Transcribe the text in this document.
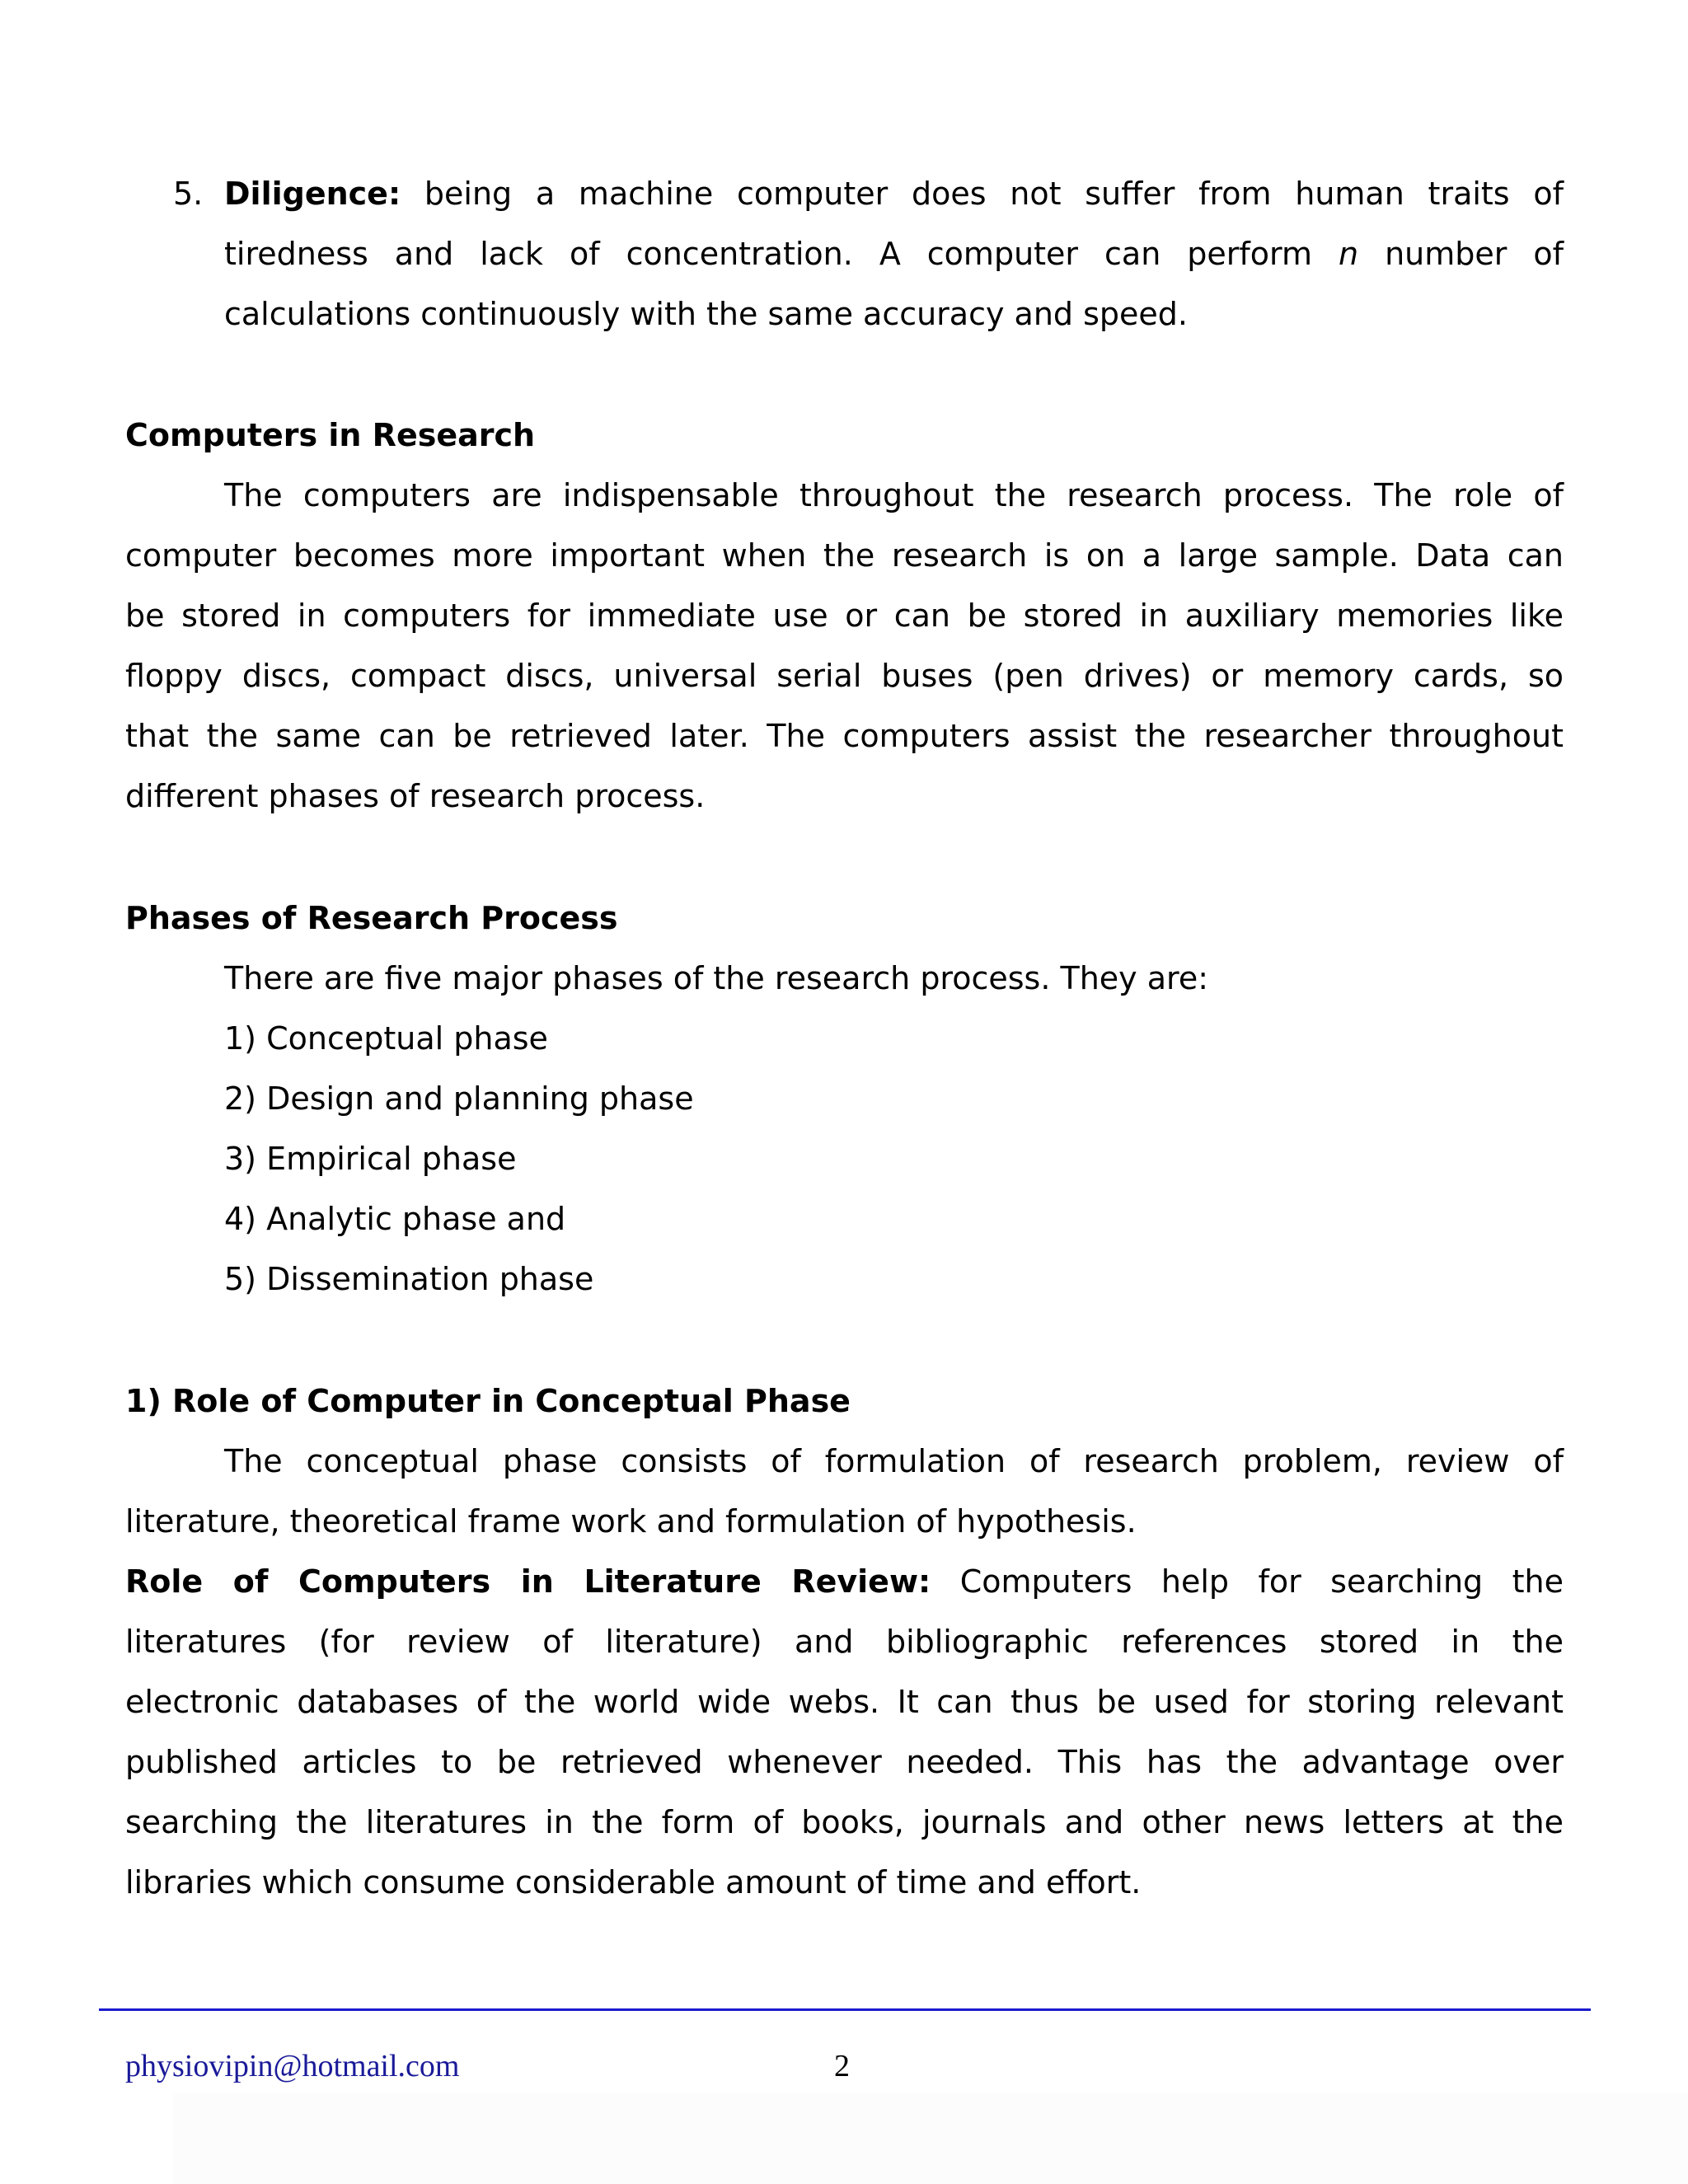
5. Diligence: being a machine computer does not suffer from human traits of
tiredness and lack of concentration. A computer can perform n number of
calculations continuously with the same accuracy and speed.
Computers in Research
The computers are indispensable throughout the research process. The role of
computer becomes more important when the research is on a large sample. Data can
be stored in computers for immediate use or can be stored in auxiliary memories like
floppy discs, compact discs, universal serial buses (pen drives) or memory cards, so
that the same can be retrieved later. The computers assist the researcher throughout
different phases of research process.
Phases of Research Process
There are five major phases of the research process. They are:
1) Conceptual phase
2) Design and planning phase
3) Empirical phase
4) Analytic phase and
5) Dissemination phase
1) Role of Computer in Conceptual Phase
The conceptual phase consists of formulation of research problem, review of
literature, theoretical frame work and formulation of hypothesis.
Role of Computers in Literature Review: Computers help for searching the
literatures (for review of literature) and bibliographic references stored in the
electronic databases of the world wide webs. It can thus be used for storing relevant
published articles to be retrieved whenever needed. This has the advantage over
searching the literatures in the form of books, journals and other news letters at the
libraries which consume considerable amount of time and effort.
physiovipin@hotmail.com	2
